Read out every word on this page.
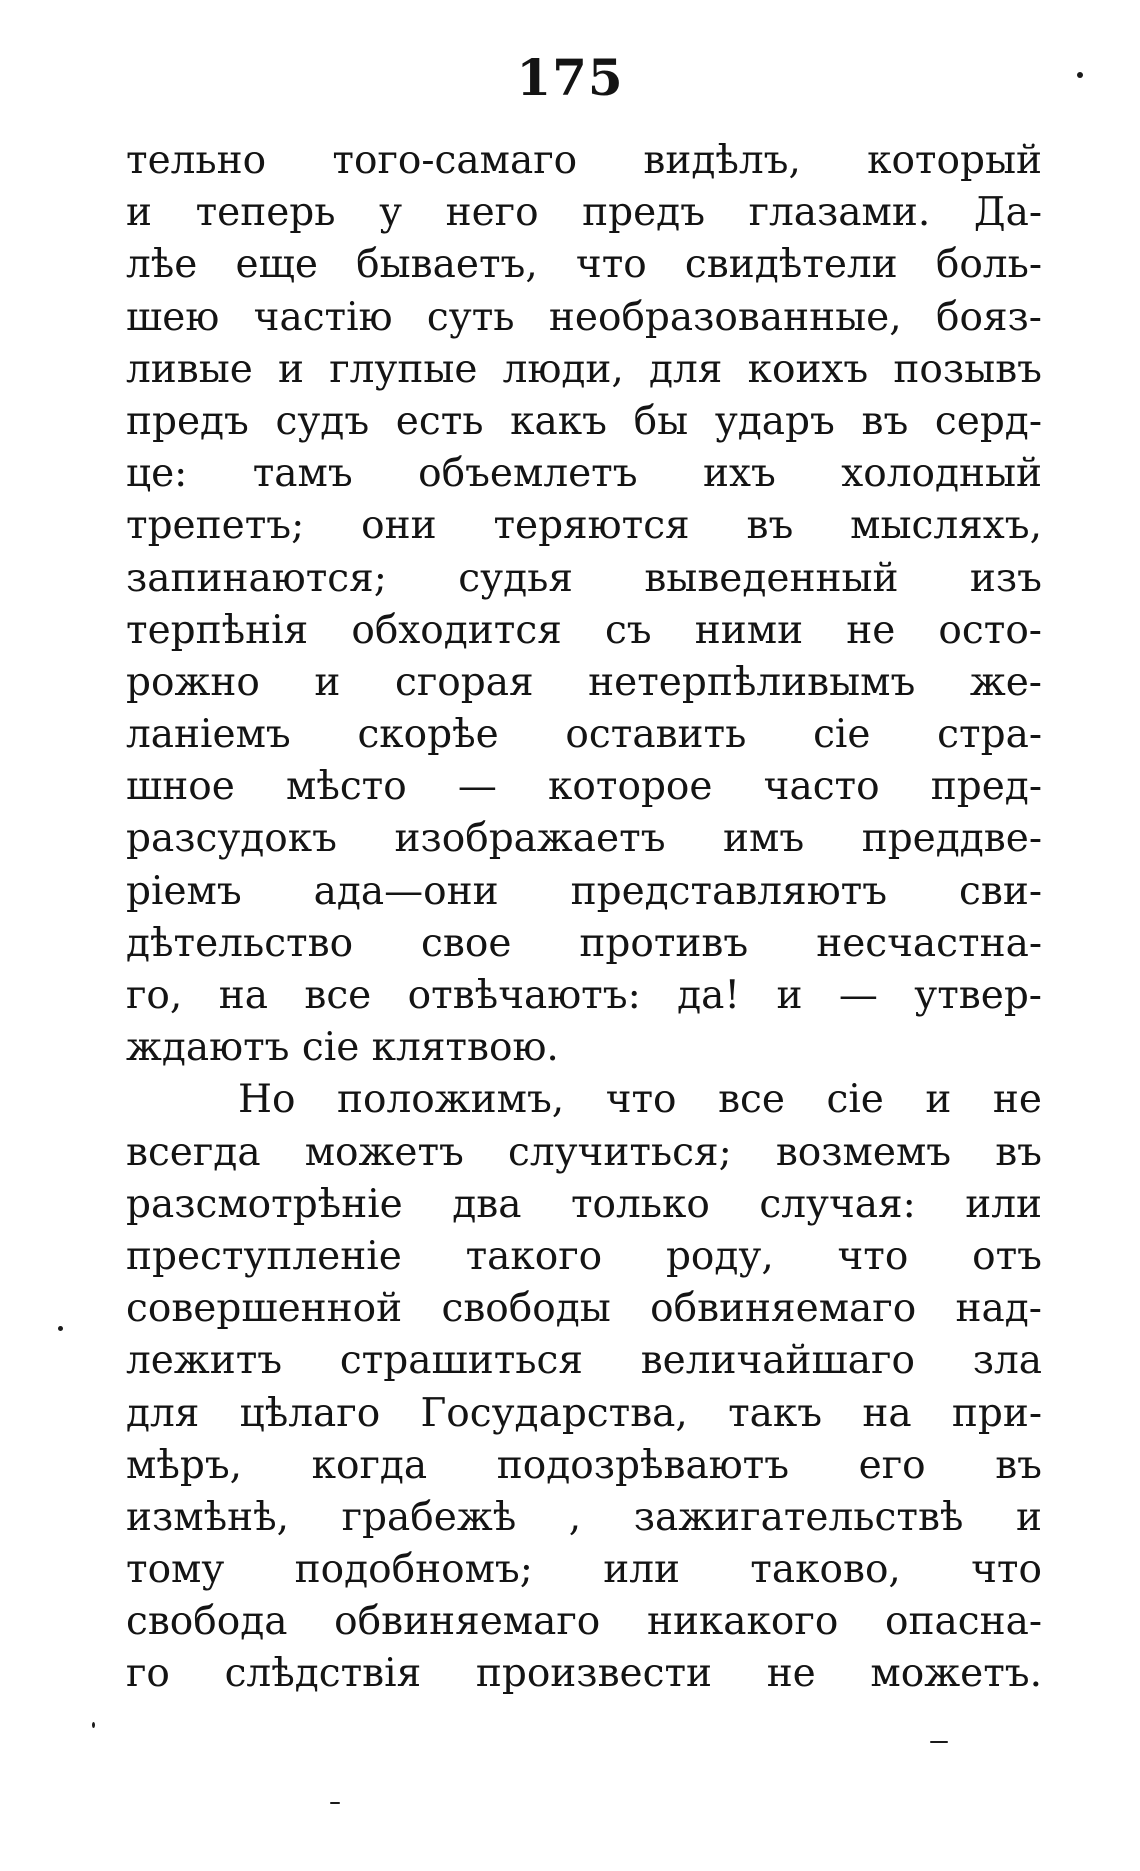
175
тельно того-самаго видѣлъ, который
и теперь у него предъ глазами. Да-
лѣе еще бываетъ, что свидѣтели боль-
шею частію суть необразованные, бояз-
ливые и глупые люди, для коихъ позывъ
предъ судъ есть какъ бы ударъ въ серд-
це: тамъ объемлетъ ихъ холодный
трепетъ; они теряются въ мысляхъ,
запинаются; судья выведенный изъ
терпѣнія обходится съ ними не осто-
рожно и сгорая нетерпѣливымъ же-
ланіемъ скорѣе оставить сіе стра-
шное мѣсто — которое часто пред-
разсудокъ изображаетъ имъ преддве-
ріемъ ада—они представляютъ сви-
дѣтельство свое противъ несчастна-
го, на все отвѣчаютъ: да! и — утвер-
ждаютъ сіе клятвою.
Но положимъ, что все сіе и не
всегда можетъ случиться; возмемъ въ
разсмотрѣніе два только случая: или
преступленіе такого роду, что отъ
совершенной свободы обвиняемаго над-
лежитъ страшиться величайшаго зла
для цѣлаго Государства, такъ на при-
мѣръ, когда подозрѣваютъ его въ
измѣнѣ, грабежѣ , зажигательствѣ и
тому подобномъ; или таково, что
свобода обвиняемаго никакого опасна-
го слѣдствія произвести не можетъ.
